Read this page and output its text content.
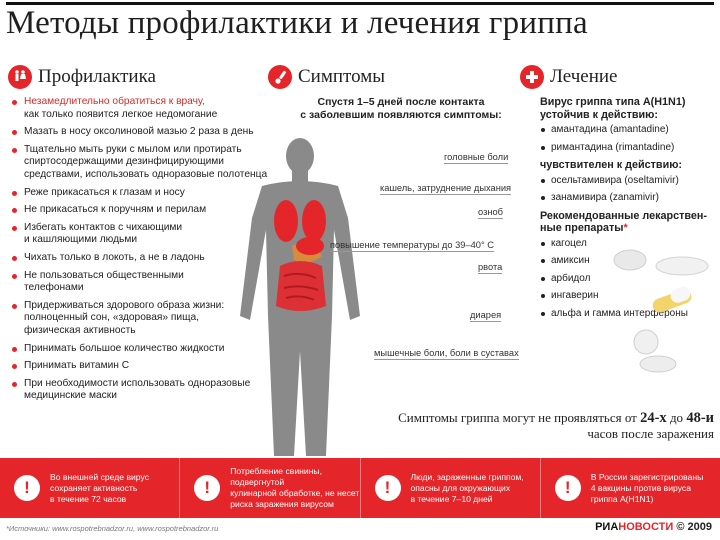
Методы профилактики и лечения гриппа
Профилактика	Симптомы	Лечение
Незамедлительно обратиться к врачу,
как только появится легкое недомогание
Мазать в носу оксолиновой мазью 2 раза в день
Тщательно мыть руки с мылом или протирать
спиртосодержащими дезинфицирующими
средствами, использовать одноразовые полотенца
Реже прикасаться к глазам и носу
Не прикасаться к поручням и перилам
Избегать контактов с чихающими
и кашляющими людьми
Чихать только в локоть, а не в ладонь
Не пользоваться общественными
телефонами
Придерживаться здорового образа жизни:
полноценный сон, «здоровая» пища,
физическая активность
Принимать большое количество жидкости
Принимать витамин С
При необходимости использовать одноразовые
медицинские маски
Спустя 1–5 дней после контакта
с заболевшим появляются симптомы:
головные боли
кашель, затруднение дыхания
озноб
повышение температуры до 39–40° С
рвота
диарея
мышечные боли, боли в суставах
Вирус гриппа типа A(H1N1)
устойчив к действию:
амантадина (amantadine)
римантадина (rimantadine)
чувствителен к действию:
осельтамивира (oseltamivir)
занамивира (zanamivir)
Рекомендованные лекарствен-
ные препараты*
кагоцел
амиксин
арбидол
ингаверин
альфа и гамма интерфероны
Симптомы гриппа могут не проявляться от 24-х до 48-и
часов после заражения
!
Во внешней среде вирус
сохраняет активность
в течение 72 часов
!
Потребление свинины, подвергнутой
кулинарной обработке, не несет
риска заражения вирусом
!
Люди, зараженные гриппом,
опасны для окружающих
в течение 7–10 дней
!
В России зарегистрированы
4 вакцины против вируса
гриппа A(H1N1)
*Источники: www.rospotrebnadzor.ru, www.rospotrebnadzor.ru	РИАНОВОСТИ © 2009
